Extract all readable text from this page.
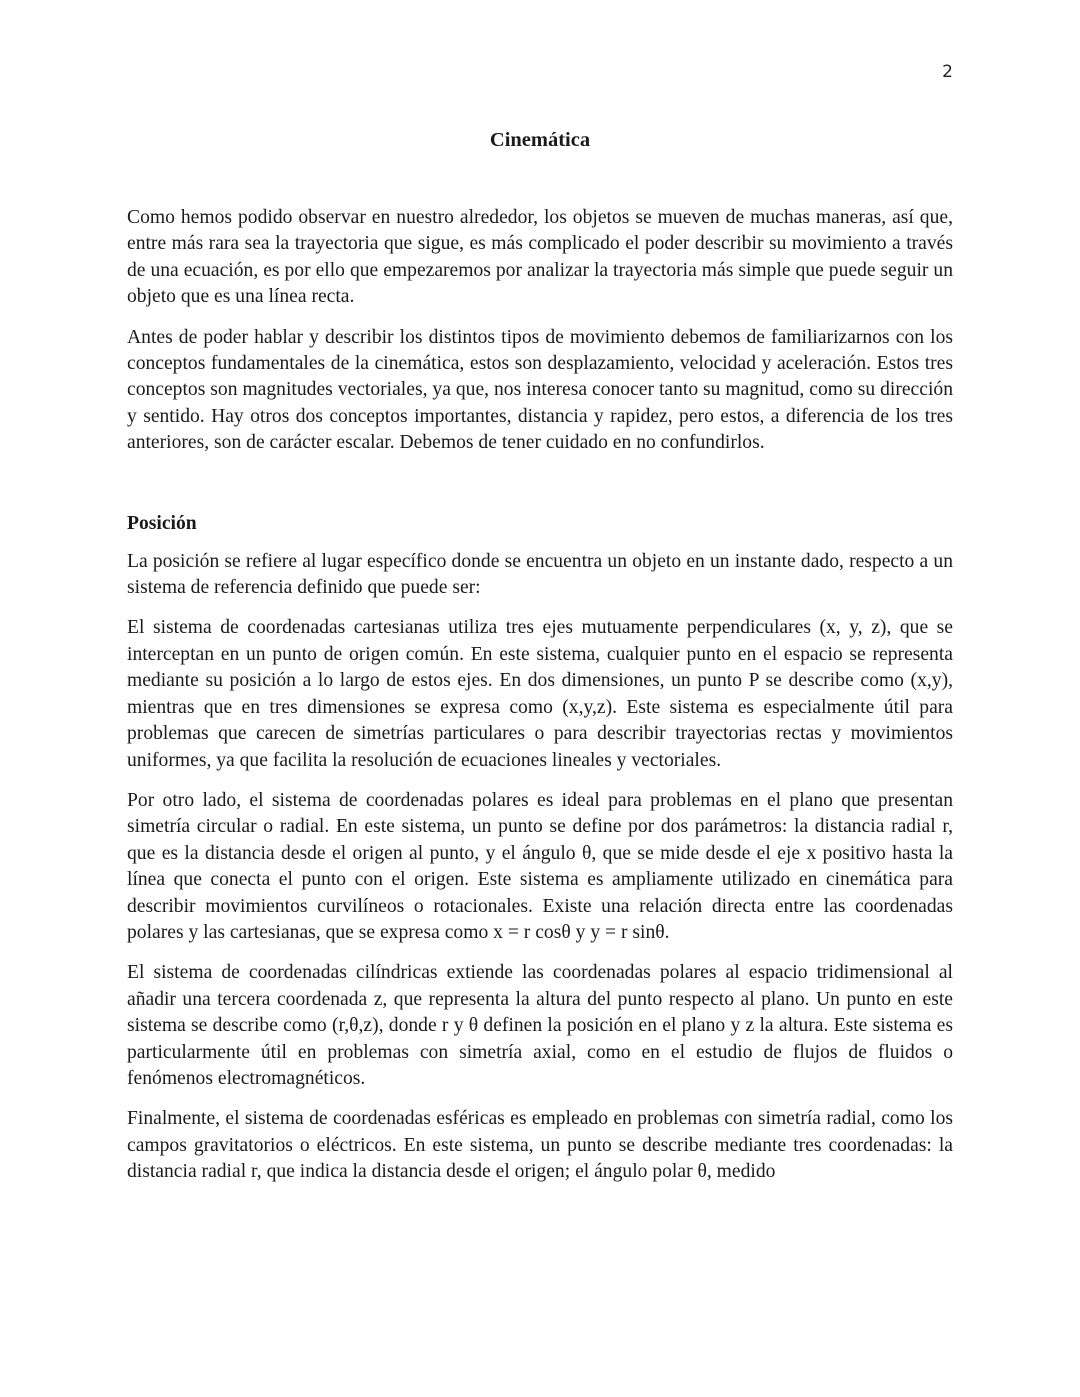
2
Cinemática

Como hemos podido observar en nuestro alrededor, los objetos se mueven de muchas maneras, así que, entre más rara sea la trayectoria que sigue, es más complicado el poder describir su movimiento a través de una ecuación, es por ello que empezaremos por analizar la trayectoria más simple que puede seguir un objeto que es una línea recta.

Antes de poder hablar y describir los distintos tipos de movimiento debemos de familiarizarnos con los conceptos fundamentales de la cinemática, estos son desplazamiento, velocidad y aceleración. Estos tres conceptos son magnitudes vectoriales, ya que, nos interesa conocer tanto su magnitud, como su dirección y sentido. Hay otros dos conceptos importantes, distancia y rapidez, pero estos, a diferencia de los tres anteriores, son de carácter escalar. Debemos de tener cuidado en no confundirlos.

Posición

La posición se refiere al lugar específico donde se encuentra un objeto en un instante dado, respecto a un sistema de referencia definido que puede ser:

El sistema de coordenadas cartesianas utiliza tres ejes mutuamente perpendiculares (x, y, z), que se interceptan en un punto de origen común. En este sistema, cualquier punto en el espacio se representa mediante su posición a lo largo de estos ejes. En dos dimensiones, un punto P se describe como (x,y), mientras que en tres dimensiones se expresa como (x,y,z). Este sistema es especialmente útil para problemas que carecen de simetrías particulares o para describir trayectorias rectas y movimientos uniformes, ya que facilita la resolución de ecuaciones lineales y vectoriales.

Por otro lado, el sistema de coordenadas polares es ideal para problemas en el plano que presentan simetría circular o radial. En este sistema, un punto se define por dos parámetros: la distancia radial r, que es la distancia desde el origen al punto, y el ángulo θ, que se mide desde el eje x positivo hasta la línea que conecta el punto con el origen. Este sistema es ampliamente utilizado en cinemática para describir movimientos curvilíneos o rotacionales. Existe una relación directa entre las coordenadas polares y las cartesianas, que se expresa como x = r cosθ y y = r sinθ.

El sistema de coordenadas cilíndricas extiende las coordenadas polares al espacio tridimensional al añadir una tercera coordenada z, que representa la altura del punto respecto al plano. Un punto en este sistema se describe como (r,θ,z), donde r y θ definen la posición en el plano y z la altura. Este sistema es particularmente útil en problemas con simetría axial, como en el estudio de flujos de fluidos o fenómenos electromagnéticos.

Finalmente, el sistema de coordenadas esféricas es empleado en problemas con simetría radial, como los campos gravitatorios o eléctricos. En este sistema, un punto se describe mediante tres coordenadas: la distancia radial r, que indica la distancia desde el origen; el ángulo polar θ, medido
